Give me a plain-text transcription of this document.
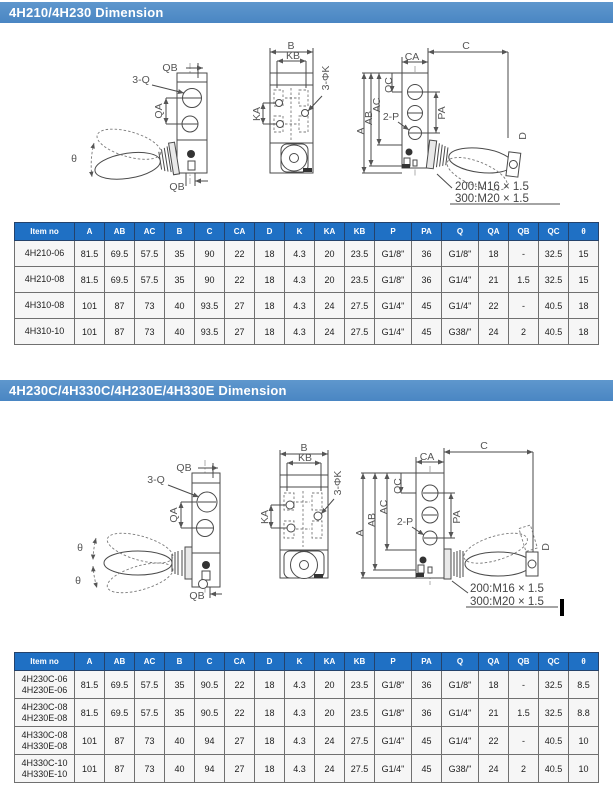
4H210/4H230 Dimension
θ
QB
3-Q
QA
QB
B
KB
3-ΦK
KA
A
AB
AC
QC
C
CA
PA
2-P
D
200:M16 × 1.5
300:M20 × 1.5
Item no	A	AB	AC	B	C	CA	D	K	KA	KB	P	PA	Q	QA	QB	QC	θ

4H210-06	81.5	69.5	57.5	35	90	22	18	4.3	20	23.5	G1/8"	36	G1/8"	18	-	32.5	15

4H210-08	81.5	69.5	57.5	35	90	22	18	4.3	20	23.5	G1/8"	36	G1/4"	21	1.5	32.5	15

4H310-08	101	87	73	40	93.5	27	18	4.3	24	27.5	G1/4"	45	G1/4"	22	-	40.5	18

4H310-10	101	87	73	40	93.5	27	18	4.3	24	27.5	G1/4"	45	G38/"	24	2	40.5	18
4H230C/4H330C/4H230E/4H330E Dimension
θ
θ
QB
3-Q
QA
QB
B
KB
3-ΦK
KA
A
AB
AC
QC
C
CA
PA
2-P
D
200:M16 × 1.5
300:M20 × 1.5
Item no	A	AB	AC	B	C	CA	D	K	KA	KB	P	PA	Q	QA	QB	QC	θ

4H230C-06
4H230E-06	81.5	69.5	57.5	35	90.5	22	18	4.3	20	23.5	G1/8"	36	G1/8"	18	-	32.5	8.5

4H230C-08
4H230E-08	81.5	69.5	57.5	35	90.5	22	18	4.3	20	23.5	G1/8"	36	G1/4"	21	1.5	32.5	8.8

4H330C-08
4H330E-08	101	87	73	40	94	27	18	4.3	24	27.5	G1/4"	45	G1/4"	22	-	40.5	10

4H330C-10
4H330E-10	101	87	73	40	94	27	18	4.3	24	27.5	G1/4"	45	G38/"	24	2	40.5	10
